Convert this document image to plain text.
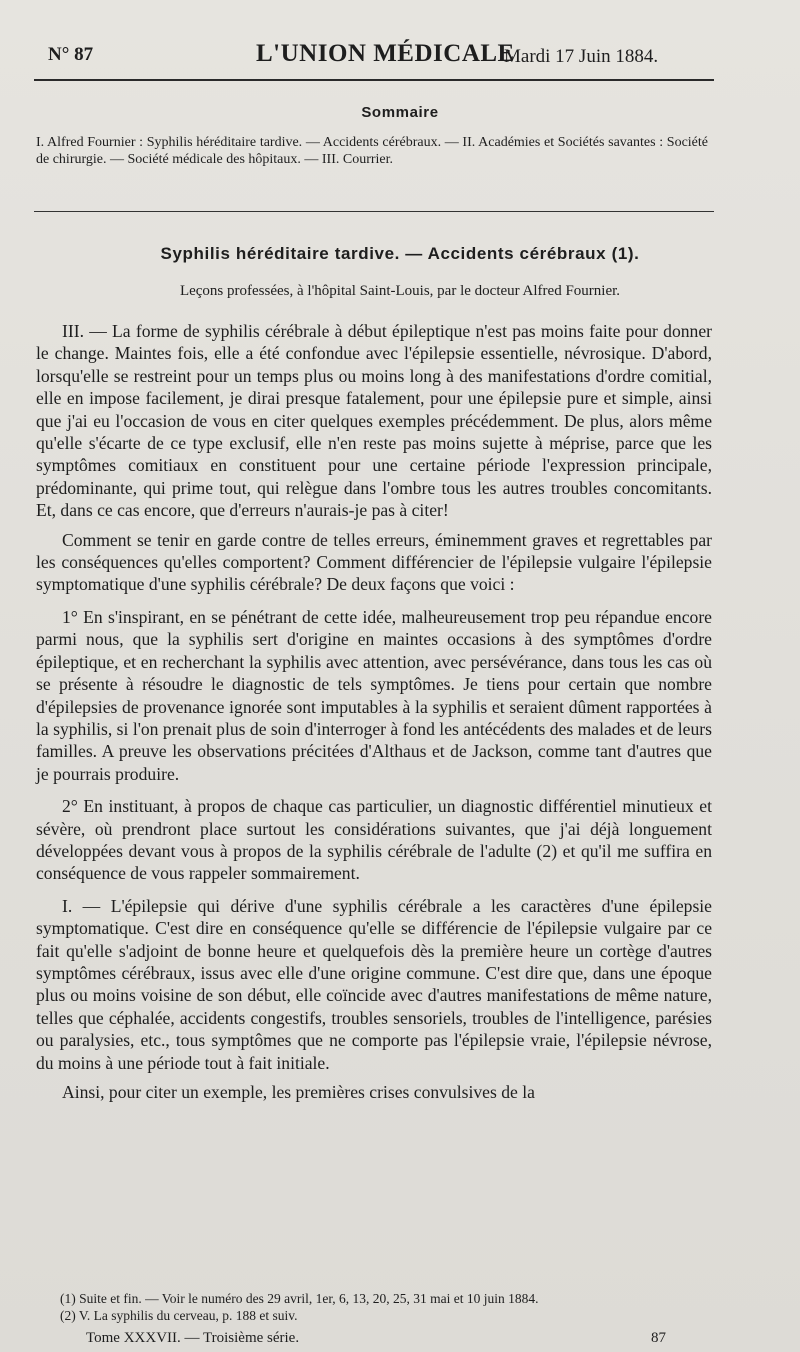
N° 87	L'UNION MÉDICALE
Mardi 17 Juin 1884.
Sommaire
I. Alfred Fournier : Syphilis héréditaire tardive. — Accidents cérébraux. — II. Académies et Sociétés savantes : Société de chirurgie. — Société médicale des hôpitaux. — III. Courrier.
Syphilis héréditaire tardive. — Accidents cérébraux (1).
Leçons professées, à l'hôpital Saint-Louis, par le docteur Alfred Fournier.

III. — La forme de syphilis cérébrale à début épileptique n'est pas moins faite pour donner le change. Maintes fois, elle a été confondue avec l'épilepsie essentielle, névrosique. D'abord, lorsqu'elle se restreint pour un temps plus ou moins long à des manifestations d'ordre comitial, elle en impose facilement, je dirai presque fatalement, pour une épilepsie pure et simple, ainsi que j'ai eu l'occasion de vous en citer quelques exemples précédemment. De plus, alors même qu'elle s'écarte de ce type exclusif, elle n'en reste pas moins sujette à méprise, parce que les symptômes comitiaux en constituent pour une certaine période l'expression principale, prédominante, qui prime tout, qui relègue dans l'ombre tous les autres troubles concomitants. Et, dans ce cas encore, que d'erreurs n'aurais-je pas à citer!

Comment se tenir en garde contre de telles erreurs, éminemment graves et regrettables par les conséquences qu'elles comportent? Comment différencier de l'épilepsie vulgaire l'épilepsie symptomatique d'une syphilis cérébrale? De deux façons que voici :

1° En s'inspirant, en se pénétrant de cette idée, malheureusement trop peu répandue encore parmi nous, que la syphilis sert d'origine en maintes occasions à des symptômes d'ordre épileptique, et en recherchant la syphilis avec attention, avec persévérance, dans tous les cas où se présente à résoudre le diagnostic de tels symptômes. Je tiens pour certain que nombre d'épilepsies de provenance ignorée sont imputables à la syphilis et seraient dûment rapportées à la syphilis, si l'on prenait plus de soin d'interroger à fond les antécédents des malades et de leurs familles. A preuve les observations précitées d'Althaus et de Jackson, comme tant d'autres que je pourrais produire.

2° En instituant, à propos de chaque cas particulier, un diagnostic différentiel minutieux et sévère, où prendront place surtout les considérations suivantes, que j'ai déjà longuement développées devant vous à propos de la syphilis cérébrale de l'adulte (2) et qu'il me suffira en conséquence de vous rappeler sommairement.

I. — L'épilepsie qui dérive d'une syphilis cérébrale a les caractères d'une épilepsie symptomatique. C'est dire en conséquence qu'elle se différencie de l'épilepsie vulgaire par ce fait qu'elle s'adjoint de bonne heure et quelquefois dès la première heure un cortège d'autres symptômes cérébraux, issus avec elle d'une origine commune. C'est dire que, dans une époque plus ou moins voisine de son début, elle coïncide avec d'autres manifestations de même nature, telles que céphalée, accidents congestifs, troubles sensoriels, troubles de l'intelligence, parésies ou paralysies, etc., tous symptômes que ne comporte pas l'épilepsie vraie, l'épilepsie névrose, du moins à une période tout à fait initiale.

Ainsi, pour citer un exemple, les premières crises convulsives de la

(1) Suite et fin. — Voir le numéro des 29 avril, 1er, 6, 13, 20, 25, 31 mai et 10 juin 1884.
(2) V. La syphilis du cerveau, p. 188 et suiv.
Tome XXXVII. — Troisième série.	87
